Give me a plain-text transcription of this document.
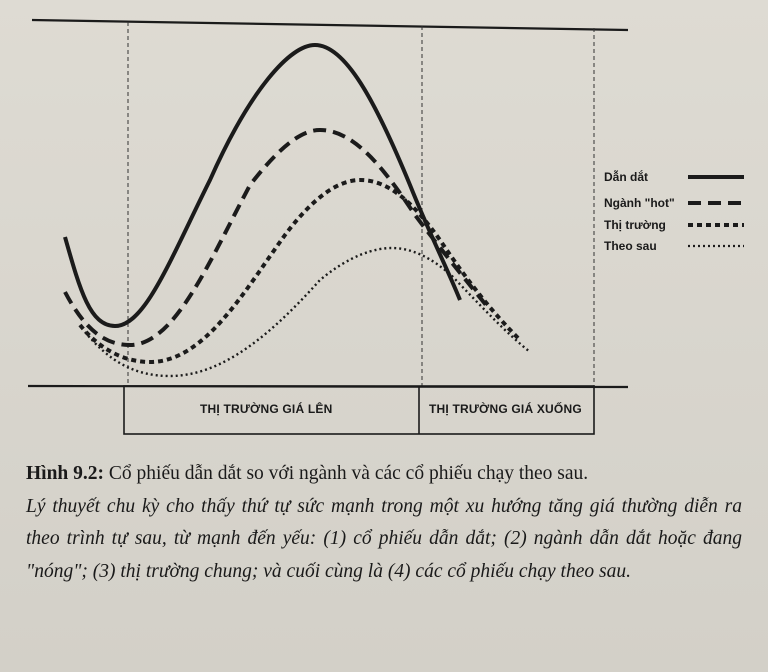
THỊ TRƯỜNG GIÁ LÊN	THỊ TRƯỜNG GIÁ XUỐNG
Dẫn dắt
Ngành "hot"
Thị trường
Theo sau
Hình 9.2: Cổ phiếu dẫn dắt so với ngành và các cổ phiếu chạy theo sau.
Lý thuyết chu kỳ cho thấy thứ tự sức mạnh trong một xu hướng tăng giá thường diễn ra theo trình tự sau, từ mạnh đến yếu: (1) cổ phiếu dẫn dắt; (2) ngành dẫn dắt hoặc đang "nóng"; (3) thị trường chung; và cuối cùng là (4) các cổ phiếu chạy theo sau.
